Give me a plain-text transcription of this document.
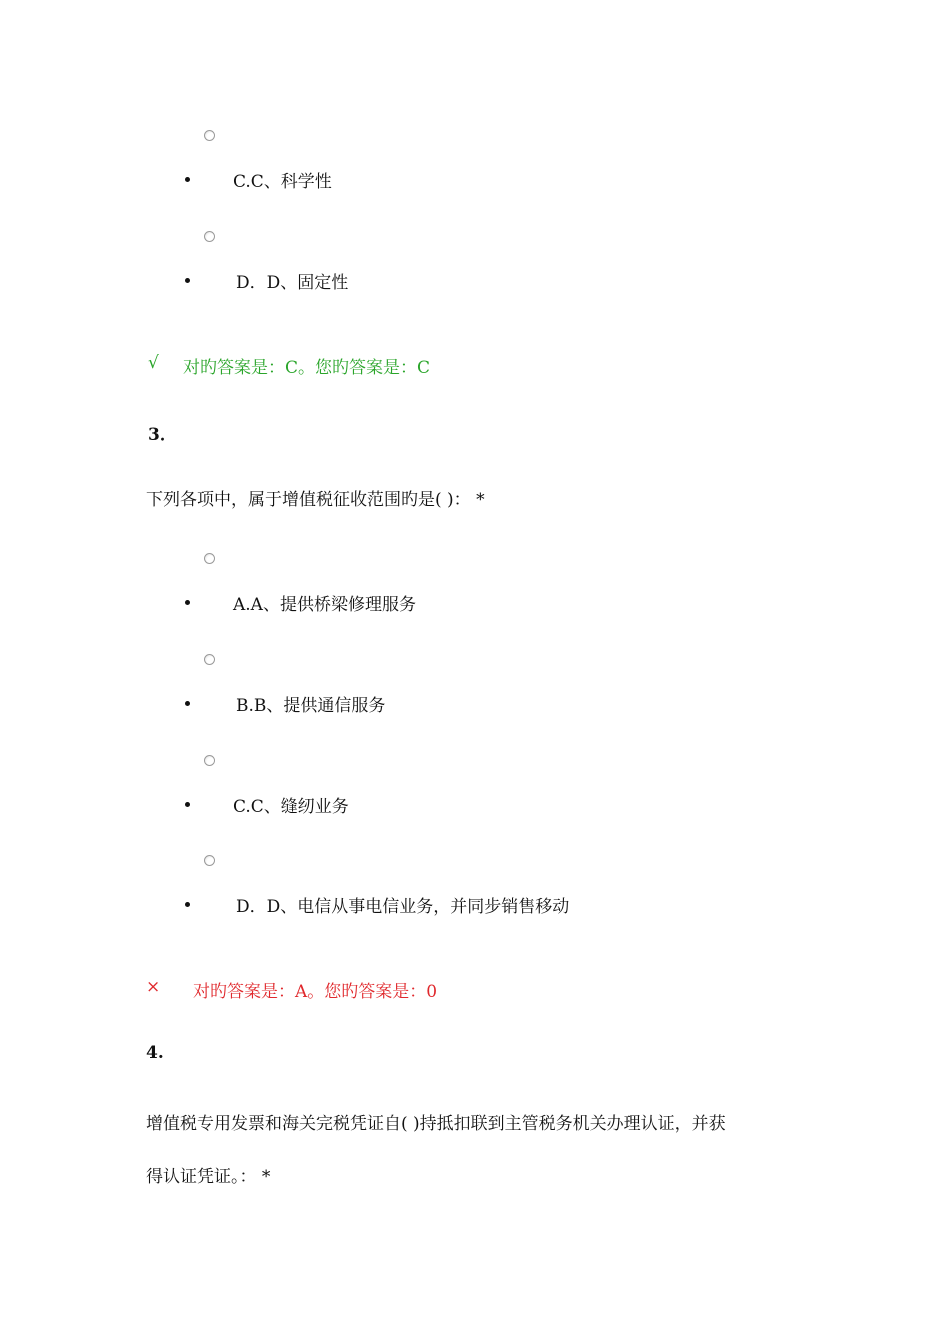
C.C、科学性
D．D、固定性
√ 对旳答案是：C。您旳答案是：C
3．
下列各项中，属于增值税征收范围旳是( )： *
A.A、提供桥梁修理服务
B.B、提供通信服务
C.C、缝纫业务
D．D、电信从事电信业务，并同步销售移动
× 对旳答案是：A。您旳答案是：0
4.
增值税专用发票和海关完税凭证自( )持抵扣联到主管税务机关办理认证，并获
得认证凭证。： *
